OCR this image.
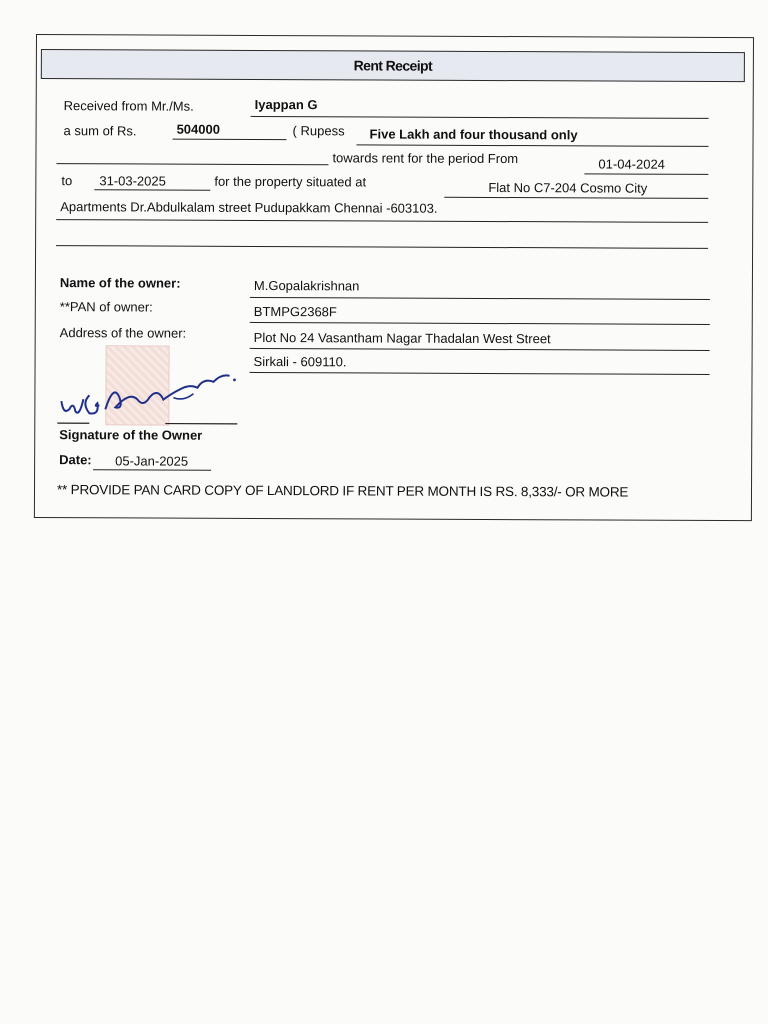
Rent Receipt
Received from Mr./Ms.	Iyappan G
a sum of Rs.	504000	( Rupess Five Lakh and four thousand only
towards rent for the period From	01-04-2024
to 31-03-2025	for the property situated at	Flat No C7-204 Cosmo City
Apartments Dr.Abdulkalam street Pudupakkam Chennai -603103.
Name of the owner:	M.Gopalakrishnan
**PAN of owner:	BTMPG2368F
Address of the owner:	Plot No 24 Vasantham Nagar Thadalan West Street
Sirkali - 609110.
Signature of the Owner
Date: 05-Jan-2025
** PROVIDE PAN CARD COPY OF LANDLORD IF RENT PER MONTH IS RS. 8,333/- OR MORE
